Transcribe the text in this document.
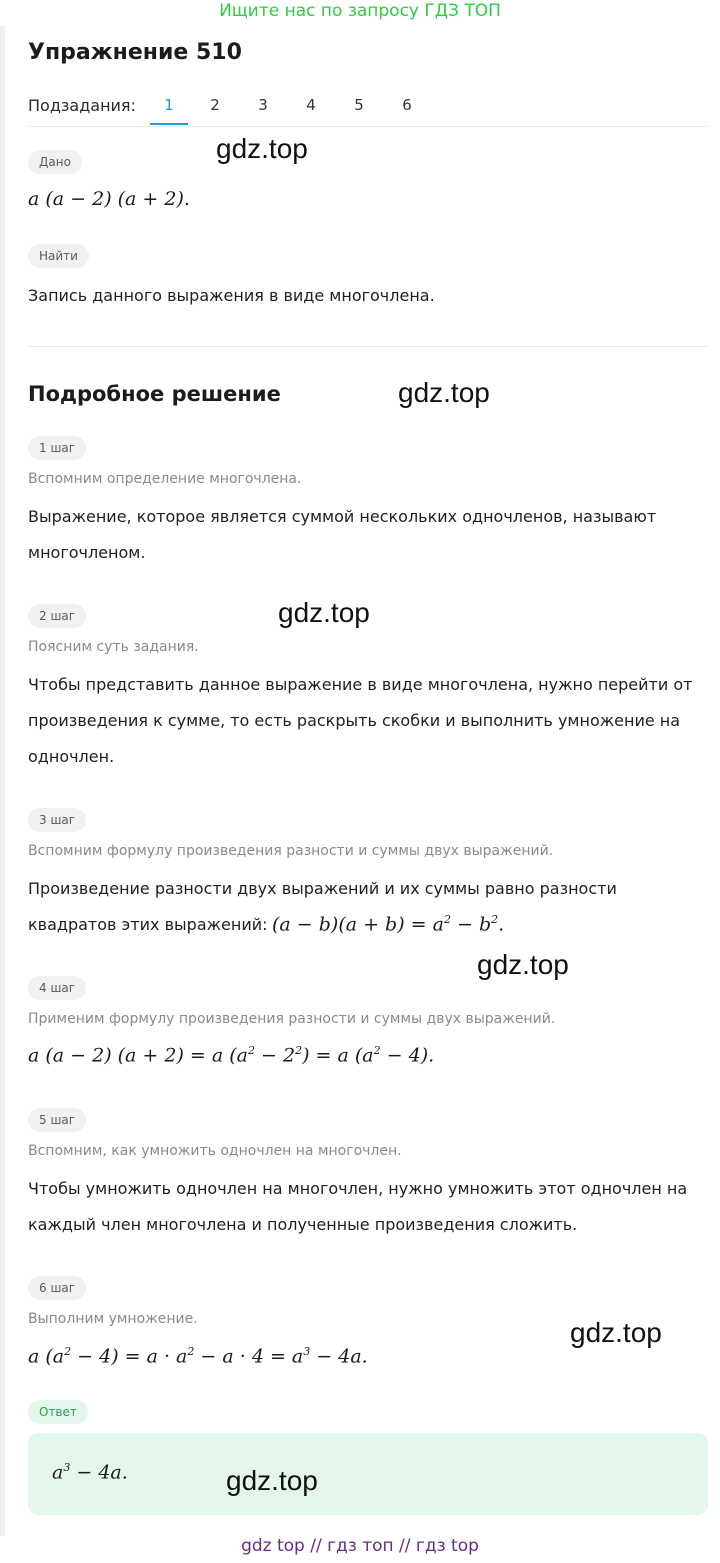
Ищите нас по запросу ГДЗ ТОП
Упражнение 510
Подзадания:	1	2	3	4	5	6
Дано
a (a − 2) (a + 2).
Найти
Запись данного выражения в виде многочлена.
Подробное решение
1 шаг
Вспомним определение многочлена.
Выражение, которое является суммой нескольких одночленов, называют многочленом.
2 шаг
Поясним суть задания.
Чтобы представить данное выражение в виде многочлена, нужно перейти от произведения к сумме, то есть раскрыть скобки и выполнить умножение на одночлен.
3 шаг
Вспомним формулу произведения разности и суммы двух выражений.
Произведение разности двух выражений и их суммы равно разности
квадратов этих выражений: $(a - b)(a + b) = a^2 - b^2$.
4 шаг
Применим формулу произведения разности и суммы двух выражений.
a (a − 2) (a + 2) = a $(a^2 - 2^2) = a$ $(a^2 - 4)$.
5 шаг
Вспомним, как умножить одночлен на многочлен.
Чтобы умножить одночлен на многочлен, нужно умножить этот одночлен на каждый член многочлена и полученные произведения сложить.
6 шаг
Выполним умножение.
a $(a^2 - 4) = a \cdot a^2 - a \cdot 4 = a^3 - 4a$.
Ответ
$a^3 - 4a$.
gdz.top
gdz.top
gdz.top
gdz.top
gdz.top
gdz.top
gdz top // гдз топ // гдз top
